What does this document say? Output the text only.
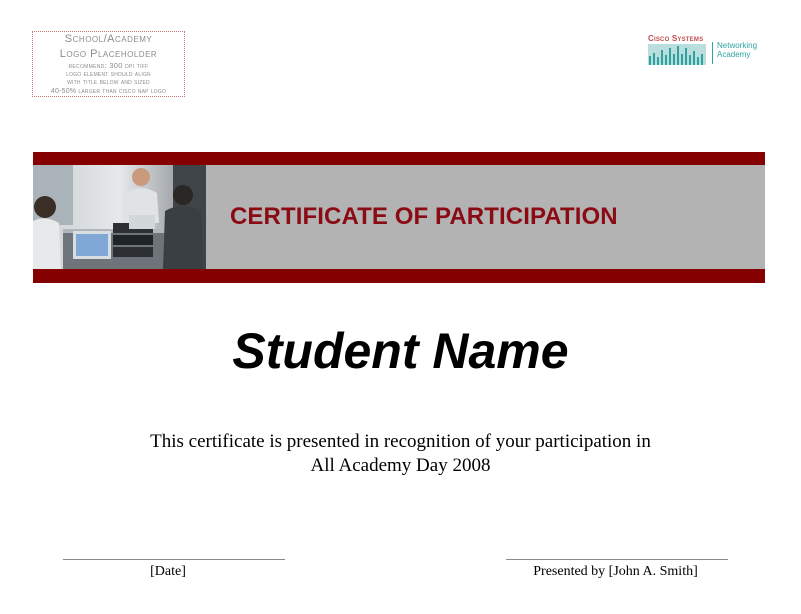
School/Academy
Logo Placeholder
recommend: 300 dpi tiff
logo element should align
with title below and sized
40-50% larger than cisco nap logo
Cisco Systems
Networking
Academy
CERTIFICATE OF PARTICIPATION
Student Name
This certificate is presented in recognition of your participation in
All Academy Day 2008
[Date]	Presented by [John A. Smith]
